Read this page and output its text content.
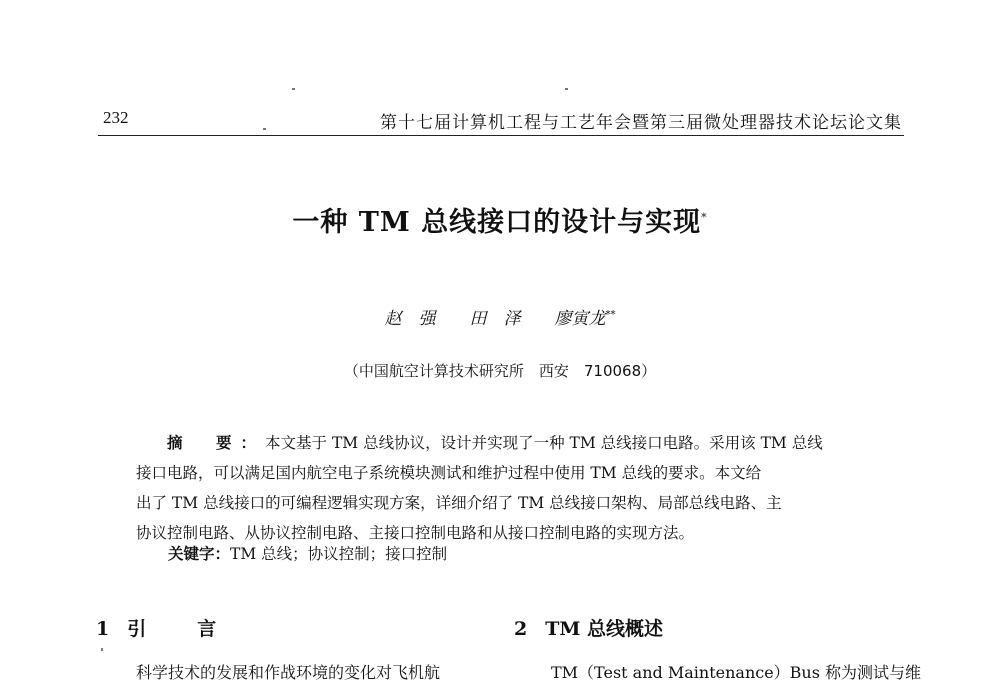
232	第十七届计算机工程与工艺年会暨第三届微处理器技术论坛论文集
一种 TM 总线接口的设计与实现*
赵　强　　 田　泽　　 廖寅龙**
（中国航空计算技术研究所　西安　710068）
摘　要：本文基于 TM 总线协议，设计并实现了一种 TM 总线接口电路。采用该 TM 总线
接口电路，可以满足国内航空电子系统模块测试和维护过程中使用 TM 总线的要求。本文给
出了 TM 总线接口的可编程逻辑实现方案，详细介绍了 TM 总线接口架构、局部总线电路、主
协议控制电路、从协议控制电路、主接口控制电路和从接口控制电路的实现方法。
关键字：TM 总线；协议控制；接口控制
1 引　言	2 TM 总线概述
科学技术的发展和作战环境的变化对飞机航	TM（Test and Maintenance）Bus 称为测试与维
